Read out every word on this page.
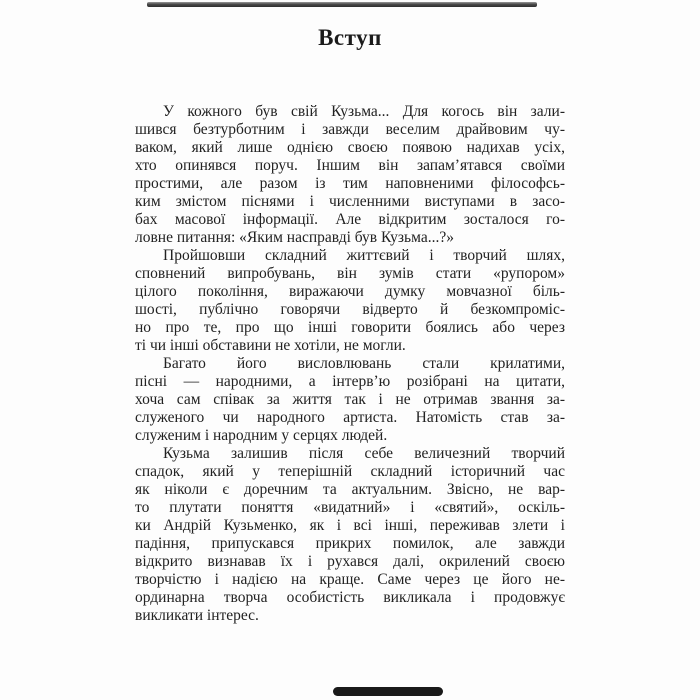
Вступ
У кожного був свій Кузьма... Для когось він зали-
шився безтурботним і завжди веселим драйвовим чу-
ваком, який лише однією своєю появою надихав усіх,
хто опинявся поруч. Іншим він запам’ятався своїми
простими, але разом із тим наповненими філософсь-
ким змістом піснями і численними виступами в засо-
бах масової інформації. Але відкритим зосталося го-
ловне питання: «Яким насправді був Кузьма...?»
Пройшовши складний життєвий і творчий шлях,
сповнений випробувань, він зумів стати «рупором»
цілого покоління, виражаючи думку мовчазної біль-
шості, публічно говорячи відверто й безкомпроміс-
но про те, про що інші говорити боялись або через
ті чи інші обставини не хотіли, не могли.
Багато його висловлювань стали крилатими,
пісні — народними, а інтерв’ю розібрані на цитати,
хоча сам співак за життя так і не отримав звання за-
служеного чи народного артиста. Натомість став за-
служеним і народним у серцях людей.
Кузьма залишив після себе величезний творчий
спадок, який у теперішній складний історичний час
як ніколи є доречним та актуальним. Звісно, не вар-
то плутати поняття «видатний» і «святий», оскіль-
ки Андрій Кузьменко, як і всі інші, переживав злети і
падіння, припускався прикрих помилок, але завжди
відкрито визнавав їх і рухався далі, окрилений своєю
творчістю і надією на краще. Саме через це його не-
ординарна творча особистість викликала і продовжує
викликати інтерес.
